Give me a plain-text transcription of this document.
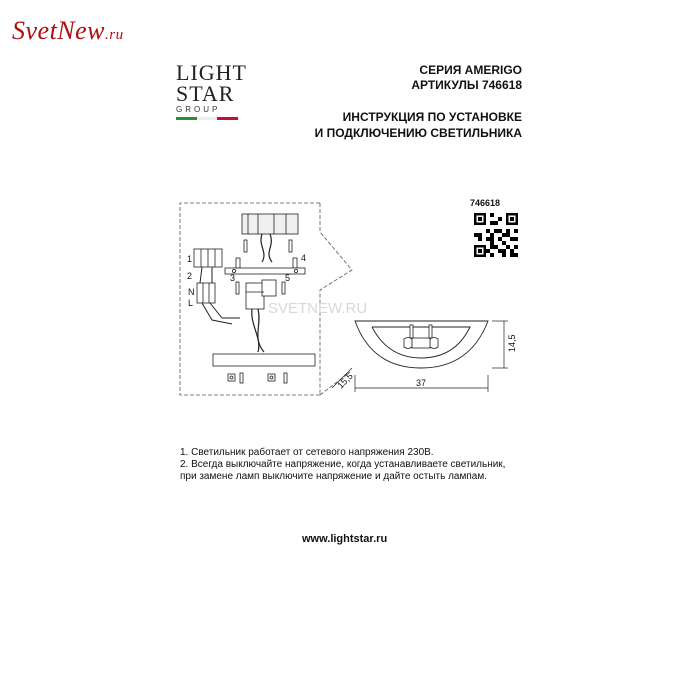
SvetNew.ru
LIGHT
STAR
GROUP
СЕРИЯ AMERIGO
АРТИКУЛЫ 746618
ИНСТРУКЦИЯ ПО УСТАНОВКЕ
И ПОДКЛЮЧЕНИЮ СВЕТИЛЬНИКА
746618
N
L
1
2	3
4
5
SVETNEW.RU
37
14,5
15,5
1. Светильник работает от сетевого напряжения 230В.
2. Всегда выключайте напряжение, когда устанавливаете светильник,
при замене ламп выключите напряжение и дайте остыть лампам.
www.lightstar.ru
